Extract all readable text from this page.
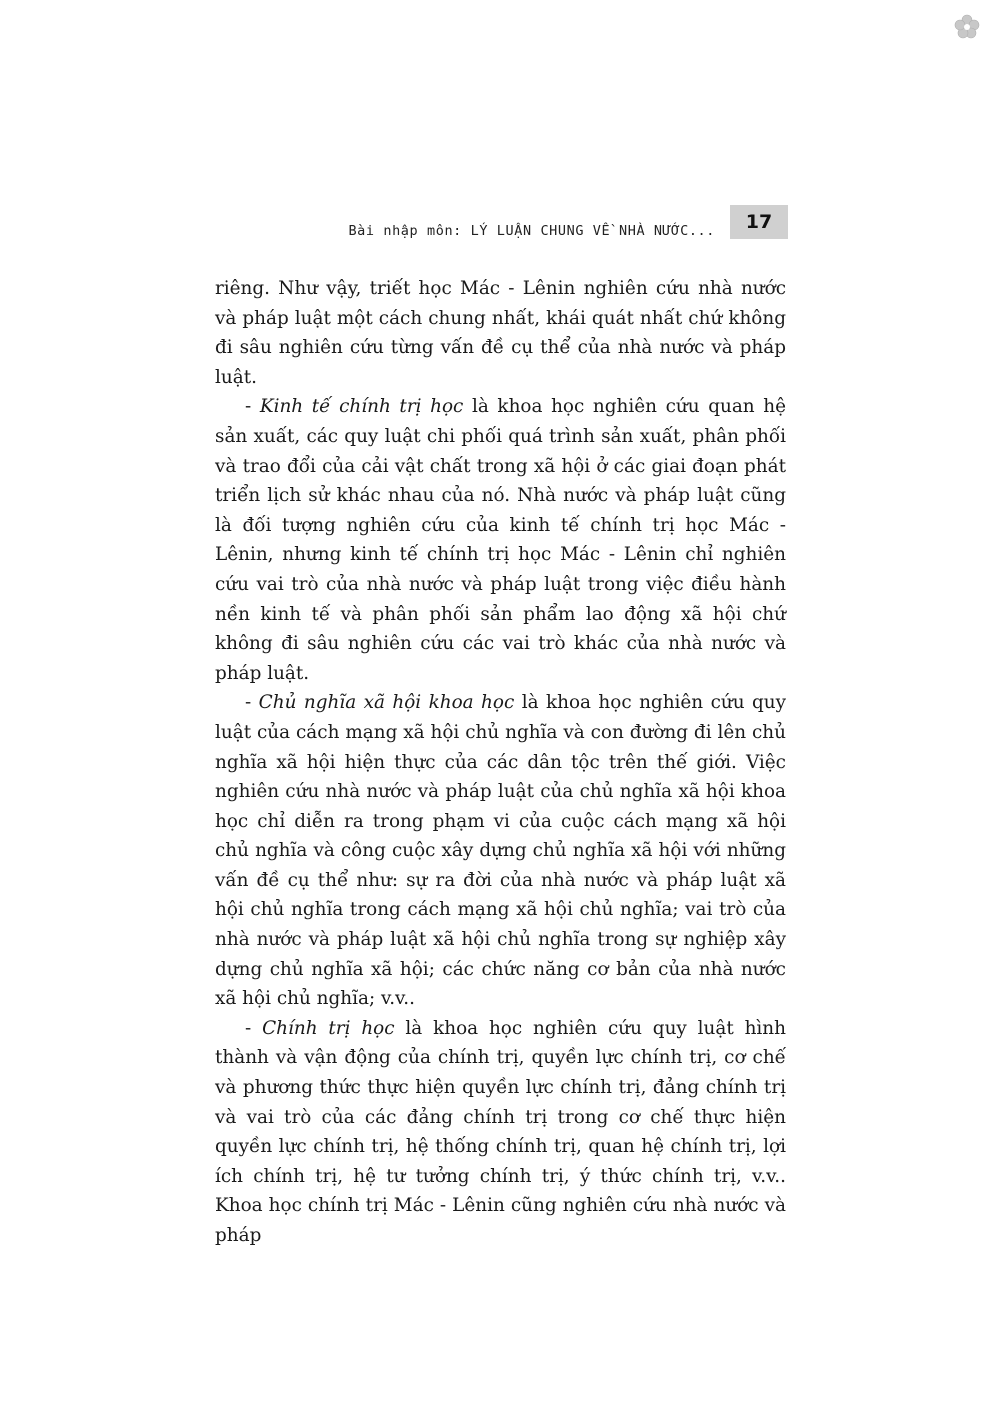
Bài nhập môn: LÝ LUẬN CHUNG VỀ NHÀ NƯỚC...	17

riêng. Như vậy, triết học Mác - Lênin nghiên cứu nhà nước và pháp luật một cách chung nhất, khái quát nhất chứ không đi sâu nghiên cứu từng vấn đề cụ thể của nhà nước và pháp luật.

- Kinh tế chính trị học là khoa học nghiên cứu quan hệ sản xuất, các quy luật chi phối quá trình sản xuất, phân phối và trao đổi của cải vật chất trong xã hội ở các giai đoạn phát triển lịch sử khác nhau của nó. Nhà nước và pháp luật cũng là đối tượng nghiên cứu của kinh tế chính trị học Mác - Lênin, nhưng kinh tế chính trị học Mác - Lênin chỉ nghiên cứu vai trò của nhà nước và pháp luật trong việc điều hành nền kinh tế và phân phối sản phẩm lao động xã hội chứ không đi sâu nghiên cứu các vai trò khác của nhà nước và pháp luật.

- Chủ nghĩa xã hội khoa học là khoa học nghiên cứu quy luật của cách mạng xã hội chủ nghĩa và con đường đi lên chủ nghĩa xã hội hiện thực của các dân tộc trên thế giới. Việc nghiên cứu nhà nước và pháp luật của chủ nghĩa xã hội khoa học chỉ diễn ra trong phạm vi của cuộc cách mạng xã hội chủ nghĩa và công cuộc xây dựng chủ nghĩa xã hội với những vấn đề cụ thể như: sự ra đời của nhà nước và pháp luật xã hội chủ nghĩa trong cách mạng xã hội chủ nghĩa; vai trò của nhà nước và pháp luật xã hội chủ nghĩa trong sự nghiệp xây dựng chủ nghĩa xã hội; các chức năng cơ bản của nhà nước xã hội chủ nghĩa; v.v..

- Chính trị học là khoa học nghiên cứu quy luật hình thành và vận động của chính trị, quyền lực chính trị, cơ chế và phương thức thực hiện quyền lực chính trị, đảng chính trị và vai trò của các đảng chính trị trong cơ chế thực hiện quyền lực chính trị, hệ thống chính trị, quan hệ chính trị, lợi ích chính trị, hệ tư tưởng chính trị, ý thức chính trị, v.v.. Khoa học chính trị Mác - Lênin cũng nghiên cứu nhà nước và pháp
